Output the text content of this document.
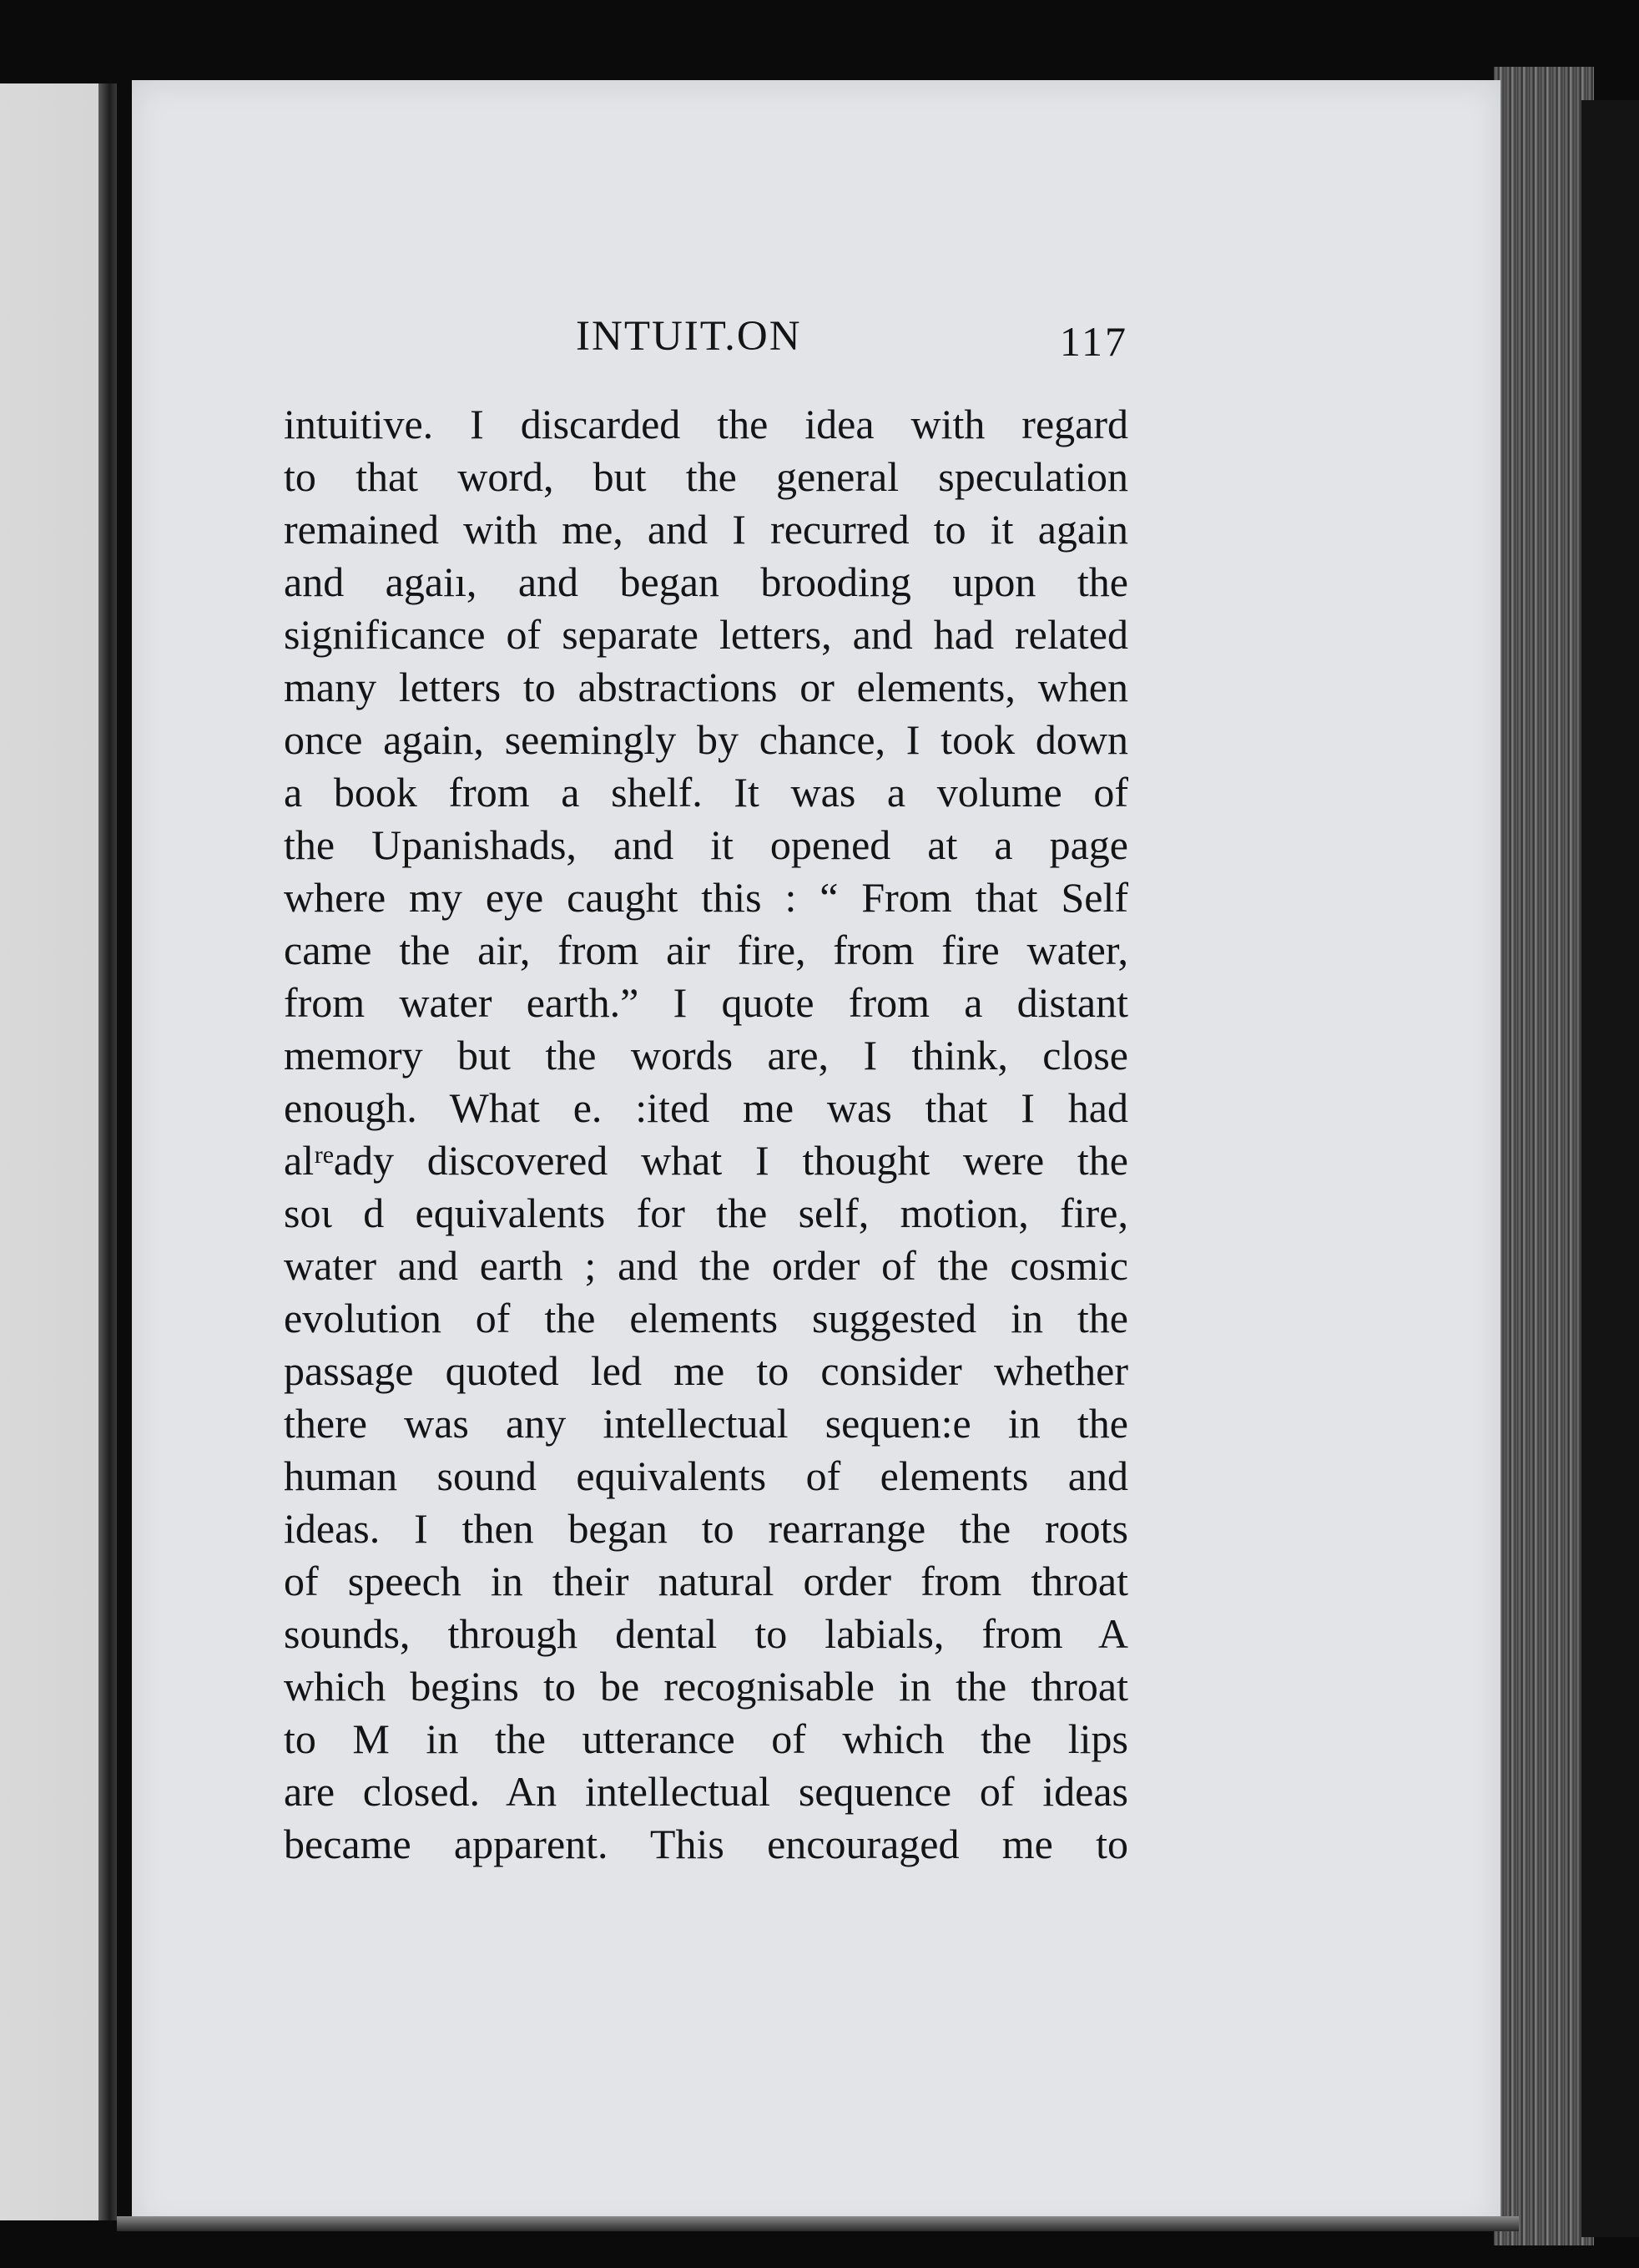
INTUIT.ON	117
intuitive. I discarded the idea with regard
to that word, but the general speculation
remained with me, and I recurred to it again
and agaiı, and began brooding upon the
significance of separate letters, and had related
many letters to abstractions or elements, when
once again, seemingly by chance, I took down
a book from a shelf. It was a volume of
the Upanishads, and it opened at a page
where my eye caught this : “ From that Self
came the air, from air fire, from fire water,
from water earth.” I quote from a distant
memory but the words are, I think, close
enough. What e. :ited me was that I had
alʳᵉady discovered what I thought were the
soι d equivalents for the self, motion, fire,
water and earth ; and the order of the cosmic
evolution of the elements suggested in the
passage quoted led me to consider whether
there was any intellectual sequen:e in the
human sound equivalents of elements and
ideas. I then began to rearrange the roots
of speech in their natural order from throat
sounds, through dental to labials, from A
which begins to be recognisable in the throat
to M in the utterance of which the lips
are closed. An intellectual sequence of ideas
became apparent. This encouraged me to
